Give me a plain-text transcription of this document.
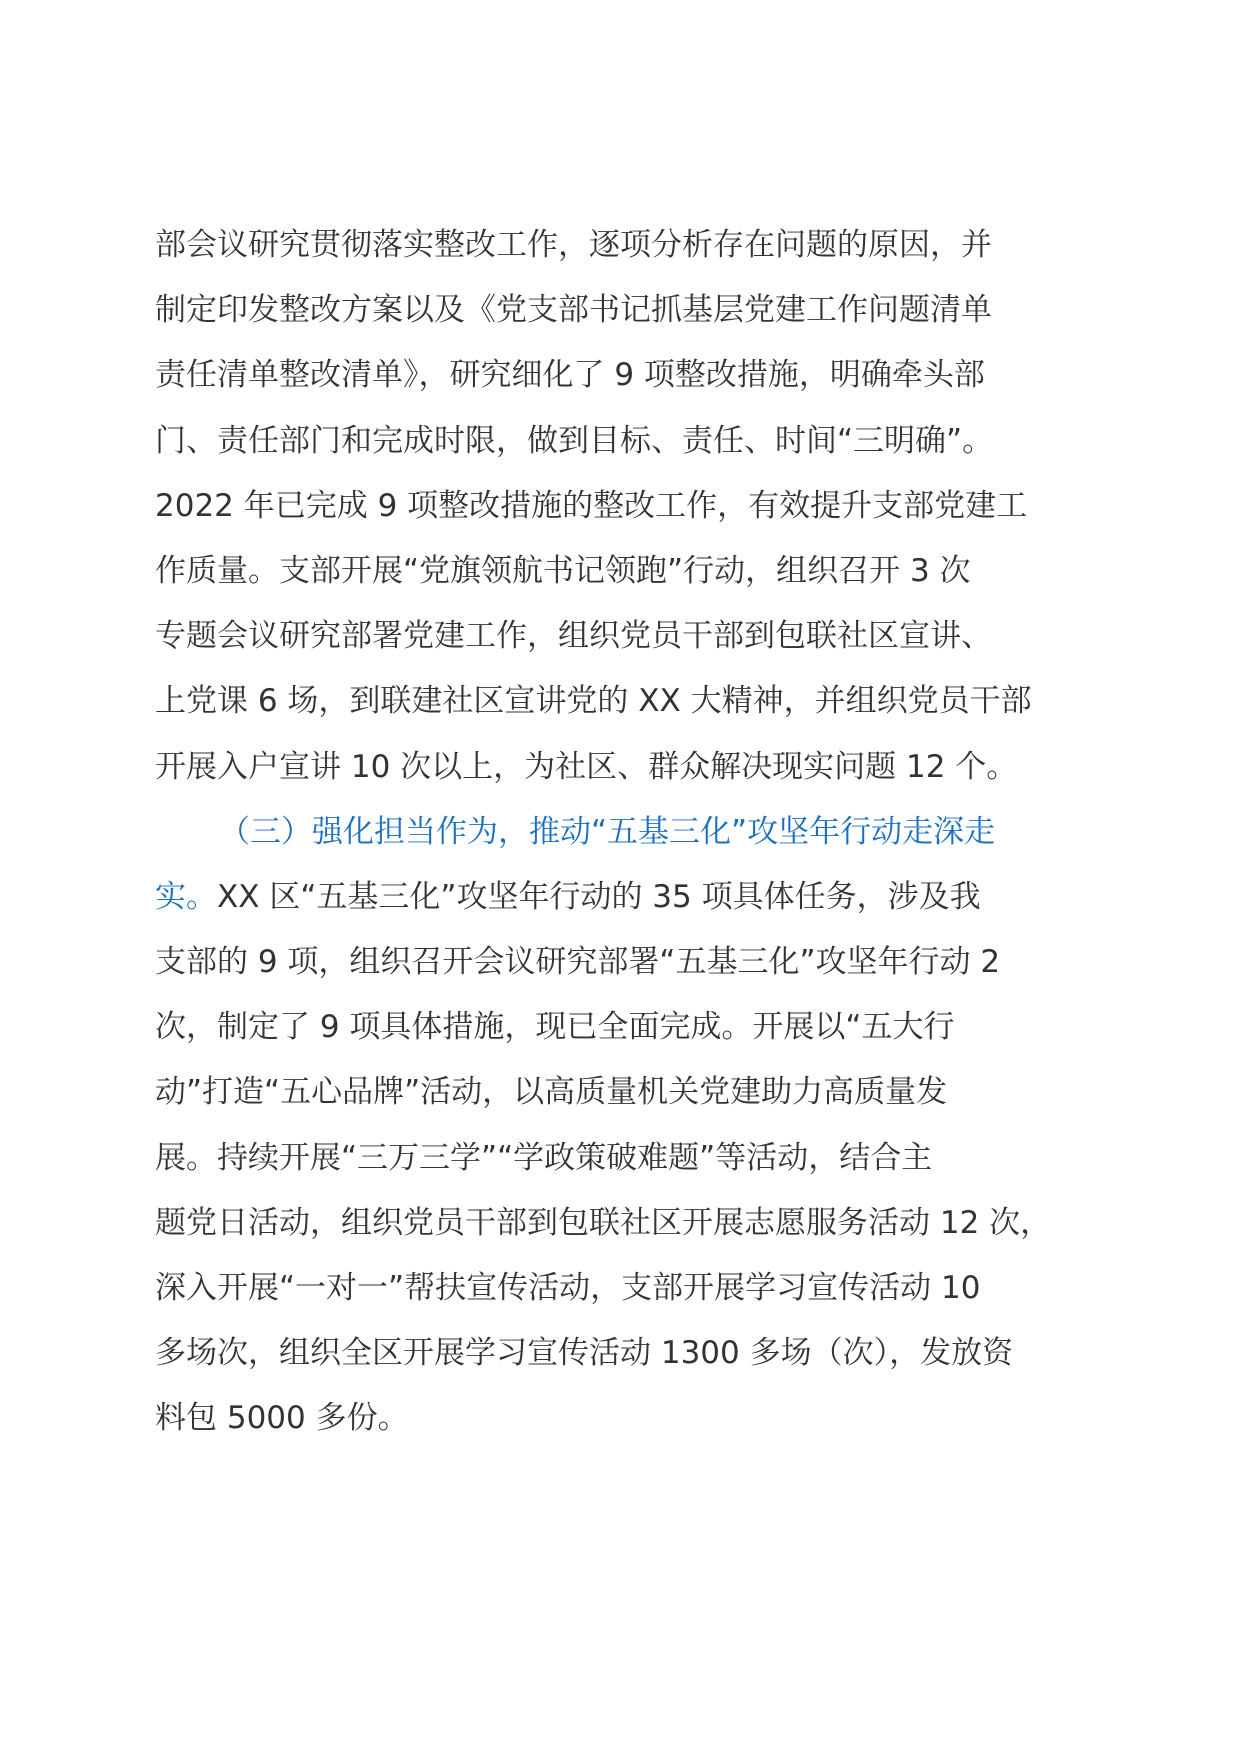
部会议研究贯彻落实整改工作，逐项分析存在问题的原因，并
制定印发整改方案以及《党支部书记抓基层党建工作问题清单
责任清单整改清单》，研究细化了 9 项整改措施，明确牵头部
门、责任部门和完成时限，做到目标、责任、时间“三明确”。
2022 年已完成 9 项整改措施的整改工作，有效提升支部党建工
作质量。支部开展“党旗领航书记领跑”行动，组织召开 3 次
专题会议研究部署党建工作，组织党员干部到包联社区宣讲、
上党课 6 场，到联建社区宣讲党的 XX 大精神，并组织党员干部
开展入户宣讲 10 次以上，为社区、群众解决现实问题 12 个。
（三）强化担当作为，推动“五基三化”攻坚年行动走深走
实。XX 区“五基三化”攻坚年行动的 35 项具体任务，涉及我
支部的 9 项，组织召开会议研究部署“五基三化”攻坚年行动 2
次，制定了 9 项具体措施，现已全面完成。开展以“五大行
动”打造“五心品牌”活动，以高质量机关党建助力高质量发
展。持续开展“三万三学”“学政策破难题”等活动，结合主
题党日活动，组织党员干部到包联社区开展志愿服务活动 12 次，
深入开展“一对一”帮扶宣传活动，支部开展学习宣传活动 10
多场次，组织全区开展学习宣传活动 1300 多场（次），发放资
料包 5000 多份。
